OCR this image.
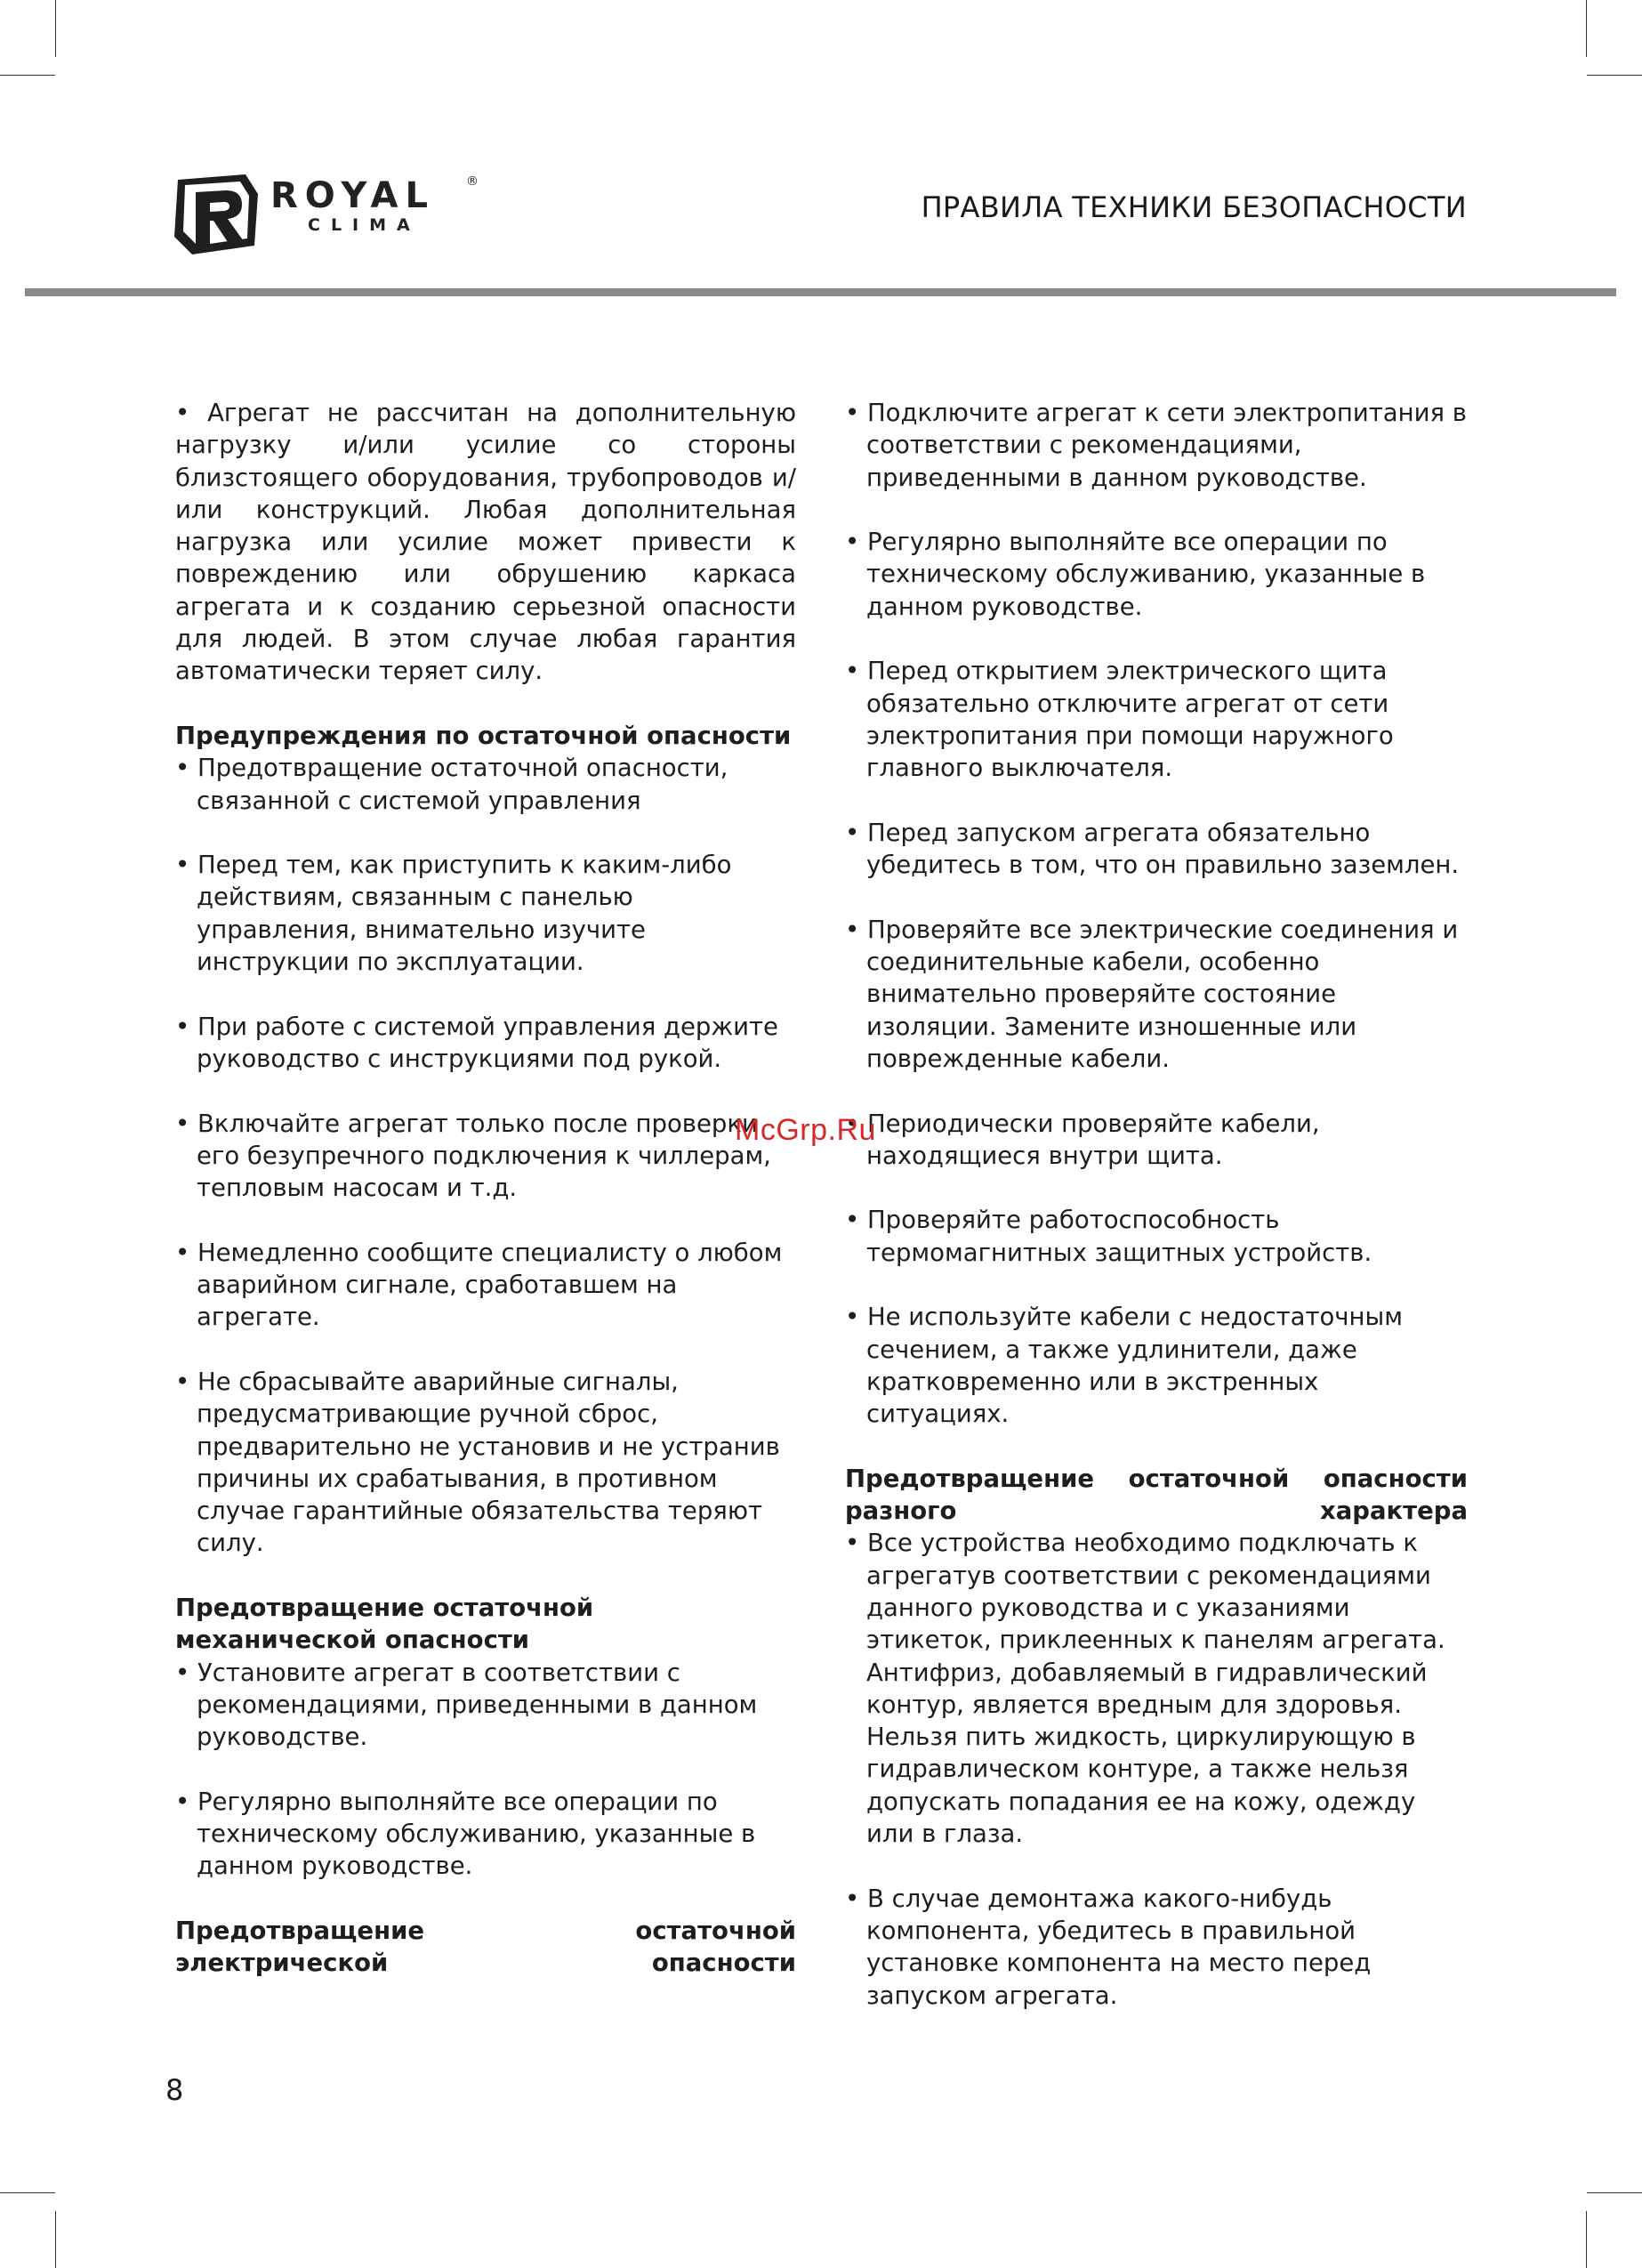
ROYAL	®
CLIMA
ПРАВИЛА ТЕХНИКИ БЕЗОПАСНОСТИ

• Агрегат не рассчитан на дополнительную нагрузку и/или усилие со стороны близстоящего оборудования, трубопроводов и/или конструкций. Любая дополнительная нагрузка или усилие может привести к повреждению или обрушению каркаса агрегата и к созданию серьезной опасности для людей. В этом случае любая гарантия автоматически теряет силу.

Предупреждения по остаточной опасности

• Предотвращение остаточной опасности, связанной с системой управления

• Перед тем, как приступить к каким-либо действиям, связанным с панелью управления, внимательно изучите инструкции по эксплуатации.

• При работе с системой управления держите руководство с инструкциями под рукой.

• Включайте агрегат только после проверки его безупречного подключения к чиллерам, тепловым насосам и т.д.

• Немедленно сообщите специалисту о любом аварийном сигнале, сработавшем на агрегате.

• Не сбрасывайте аварийные сигналы, предусматривающие ручной сброс, предварительно не установив и не устранив причины их срабатывания, в противном случае гарантийные обязательства теряют силу.

Предотвращение остаточной механической опасности

• Установите агрегат в соответствии с рекомендациями, приведенными в данном руководстве.

• Регулярно выполняйте все операции по техническому обслуживанию, указанные в данном руководстве.

Предотвращение остаточной электрической опасности

• Подключите агрегат к сети электропитания в соответствии с рекомендациями, приведенными в данном руководстве.

• Регулярно выполняйте все операции по техническому обслуживанию, указанные в данном руководстве.

• Перед открытием электрического щита обязательно отключите агрегат от сети электропитания при помощи наружного главного выключателя.

• Перед запуском агрегата обязательно убедитесь в том, что он правильно заземлен.

• Проверяйте все электрические соединения и соединительные кабели, особенно внимательно проверяйте состояние изоляции. Замените изношенные или поврежденные кабели.

• Периодически проверяйте кабели, находящиеся внутри щита.

• Проверяйте работоспособность термомагнитных защитных устройств.

• Не используйте кабели с недостаточным сечением, а также удлинители, даже кратковременно или в экстренных ситуациях.

Предотвращение остаточной опасности разного характера

• Все устройства необходимо подключать к агрегатув соответствии с рекомендациями данного руководства и с указаниями этикеток, приклеенных к панелям агрегата. Антифриз, добавляемый в гидравлический контур, является вредным для здоровья. Нельзя пить жидкость, циркулирующую в гидравлическом контуре, а также нельзя допускать попадания ее на кожу, одежду или в глаза.

• В случае демонтажа какого-нибудь компонента, убедитесь в правильной установке компонента на место перед запуском агрегата.

McGrp.Ru
8
